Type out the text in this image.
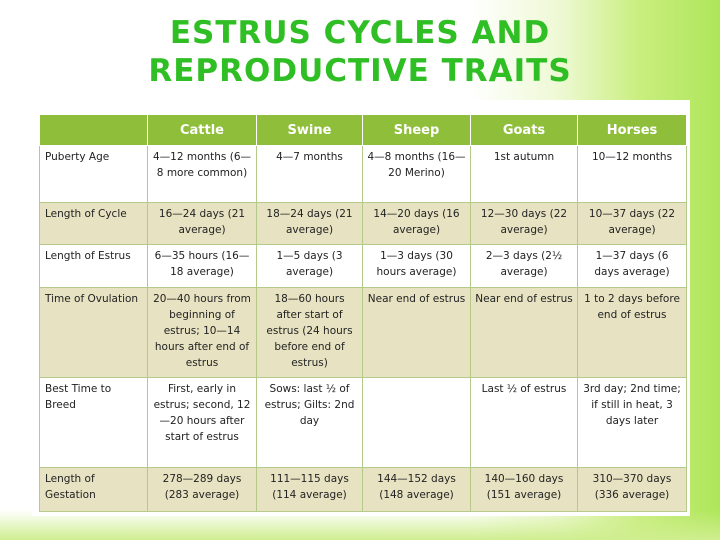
ESTRUS CYCLES AND
REPRODUCTIVE TRAITS
	Cattle	Swine	Sheep	Goats	Horses
Puberty Age	4—12 months (6—8 more common)	4—7 months	4—8 months (16—20 Merino)	1st autumn	10—12 months
Length of Cycle	16—24 days (21 average)	18—24 days (21 average)	14—20 days (16 average)	12—30 days (22 average)	10—37 days (22 average)
Length of Estrus	6—35 hours (16—18 average)	1—5 days (3 average)	1—3 days (30 hours average)	2—3 days (2½ average)	1—37 days (6 days average)
Time of Ovulation	20—40 hours from beginning of estrus; 10—14 hours after end of estrus	18—60 hours after start of estrus (24 hours before end of estrus)	Near end of estrus	Near end of estrus	1 to 2 days before end of estrus
Best Time to Breed	First, early in estrus; second, 12—20 hours after start of estrus	Sows: last ½ of estrus; Gilts: 2nd day		Last ½ of estrus	3rd day; 2nd time; if still in heat, 3 days later
Length of Gestation	278—289 days (283 average)	111—115 days (114 average)	144—152 days (148 average)	140—160 days (151 average)	310—370 days (336 average)
